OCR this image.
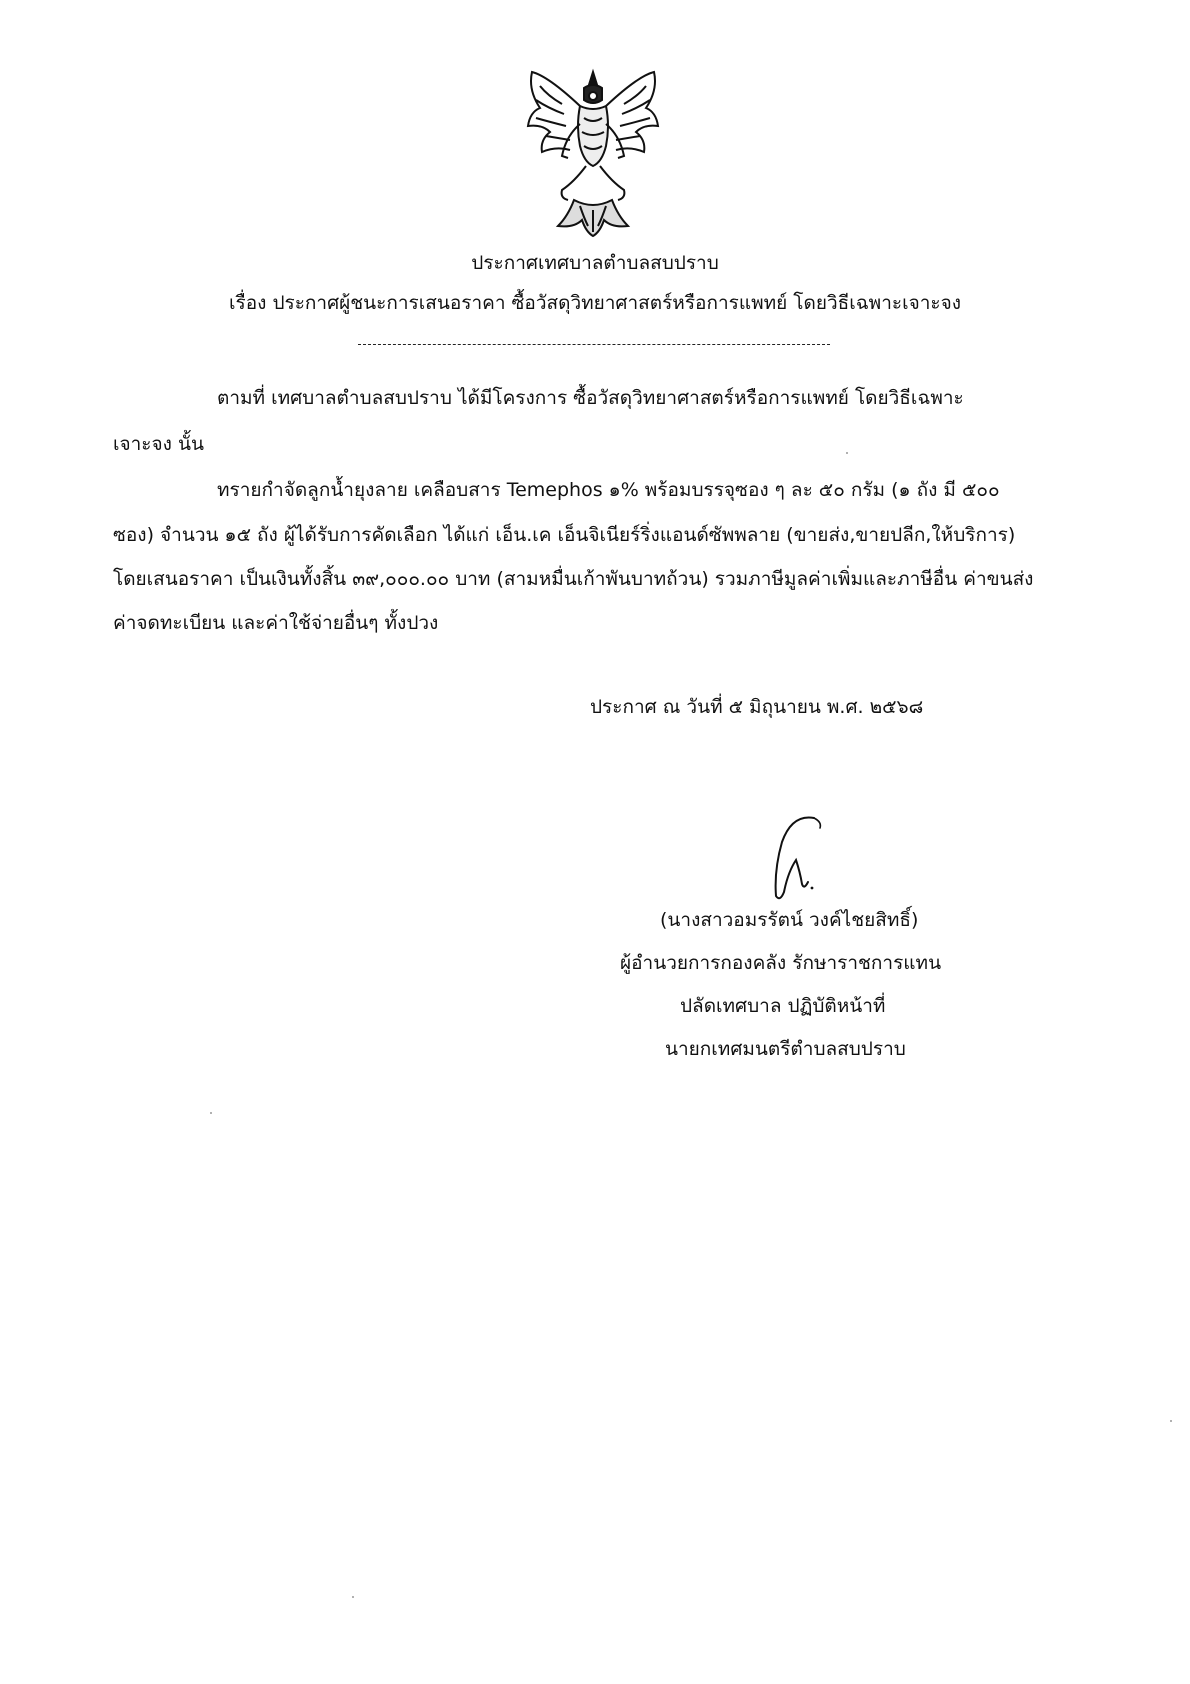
ประกาศเทศบาลตำบลสบปราบ
เรื่อง ประกาศผู้ชนะการเสนอราคา ซื้อวัสดุวิทยาศาสตร์หรือการแพทย์ โดยวิธีเฉพาะเจาะจง
ตามที่ เทศบาลตำบลสบปราบ ได้มีโครงการ ซื้อวัสดุวิทยาศาสตร์หรือการแพทย์ โดยวิธีเฉพาะ
เจาะจง นั้น
ทรายกำจัดลูกน้ำยุงลาย เคลือบสาร Temephos ๑% พร้อมบรรจุซอง ๆ ละ ๕๐ กรัม (๑ ถัง มี ๕๐๐
ซอง) จำนวน ๑๕ ถัง ผู้ได้รับการคัดเลือก ได้แก่ เอ็น.เค เอ็นจิเนียร์ริ่งแอนด์ซัพพลาย (ขายส่ง,ขายปลีก,ให้บริการ)
โดยเสนอราคา เป็นเงินทั้งสิ้น ๓๙,๐๐๐.๐๐ บาท (สามหมื่นเก้าพันบาทถ้วน) รวมภาษีมูลค่าเพิ่มและภาษีอื่น ค่าขนส่ง
ค่าจดทะเบียน และค่าใช้จ่ายอื่นๆ ทั้งปวง
ประกาศ ณ วันที่ ๕ มิถุนายน พ.ศ. ๒๕๖๘
(นางสาวอมรรัตน์ วงค์ไชยสิทธิ์)
ผู้อำนวยการกองคลัง รักษาราชการแทน
ปลัดเทศบาล ปฏิบัติหน้าที่
นายกเทศมนตรีตำบลสบปราบ
